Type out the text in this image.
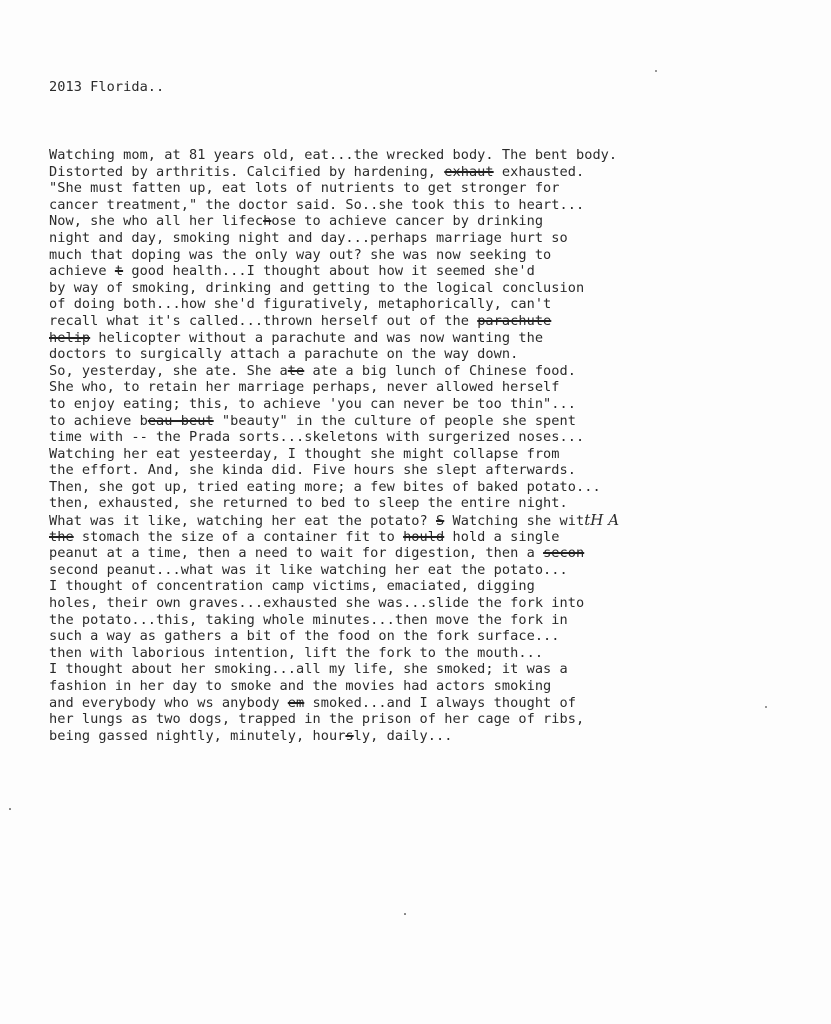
2013 Florida..

Watching mom, at 81 years old, eat...the wrecked body. The bent body.
Distorted by arthritis. Calcified by hardening, exhaut exhausted.
"She must fatten up, eat lots of nutrients to get stronger for
cancer treatment," the doctor said. So..she took this to heart...
Now, she who all her lifechose to achieve cancer by drinking
night and day, smoking night and day...perhaps marriage hurt so
much that doping was the only way out? she was now seeking to
achieve t good health...I thought about how it seemed she'd
by way of smoking, drinking and getting to the logical conclusion
of doing both...how she'd figuratively, metaphorically, can't
recall what it's called...thrown herself out of the parachute
helip helicopter without a parachute and was now wanting the
doctors to surgically attach a parachute on the way down.
So, yesterday, she ate. She ate ate a big lunch of Chinese food.
She who, to retain her marriage perhaps, never allowed herself
to enjoy eating; this, to achieve 'you can never be too thin"...
to achieve beau beut "beauty" in the culture of people she spent
time with -- the Prada sorts...skeletons with surgerized noses...
Watching her eat yesteerday, I thought she might collapse from
the effort. And, she kinda did. Five hours she slept afterwards.
Then, she got up, tried eating more; a few bites of baked potato...
then, exhausted, she returned to bed to sleep the entire night.
What was it like, watching her eat the potato? S Watching she wittH A
the stomach the size of a container fit to hould hold a single
peanut at a time, then a need to wait for digestion, then a secon
second peanut...what was it like watching her eat the potato...
I thought of concentration camp victims, emaciated, digging
holes, their own graves...exhausted she was...slide the fork into
the potato...this, taking whole minutes...then move the fork in
such a way as gathers a bit of the food on the fork surface...
then with laborious intention, lift the fork to the mouth...
I thought about her smoking...all my life, she smoked; it was a
fashion in her day to smoke and the movies had actors smoking
and everybody who ws anybody em smoked...and I always thought of
her lungs as two dogs, trapped in the prison of her cage of ribs,
being gassed nightly, minutely, hoursly, daily...
